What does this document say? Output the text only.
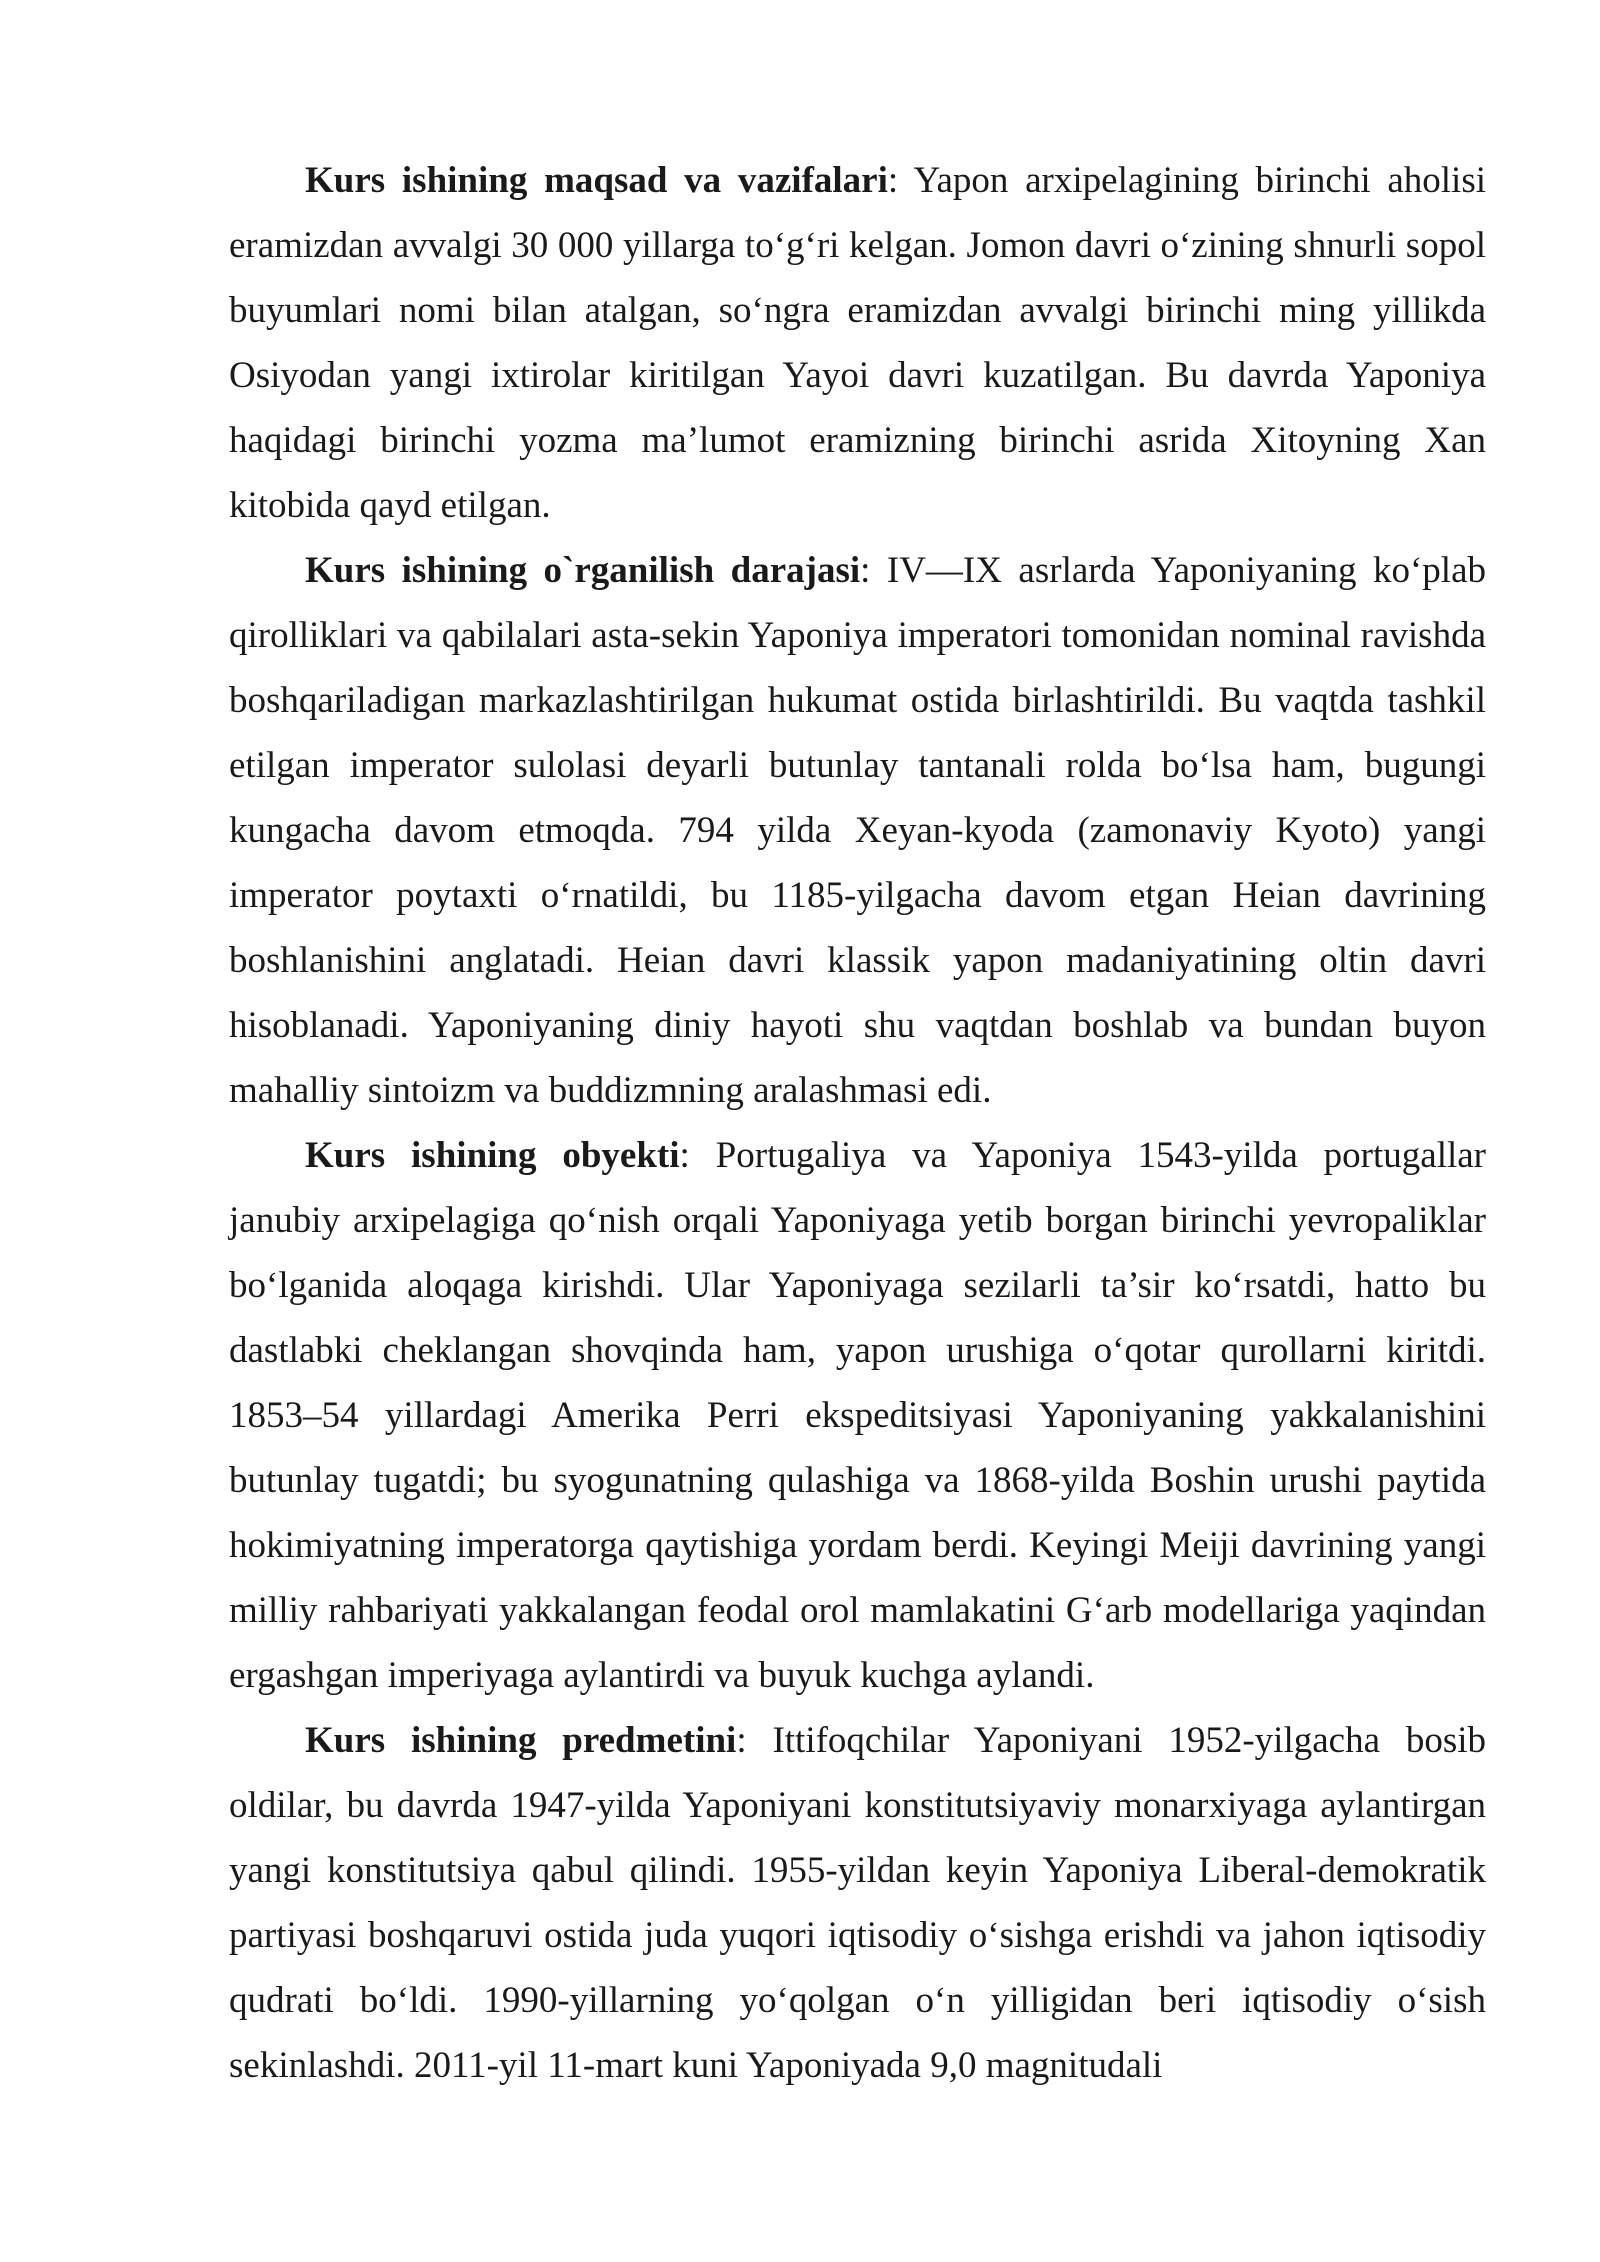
Kurs ishining maqsad va vazifalari: Yapon arxipelagining birinchi aholisi eramizdan avvalgi 30 000 yillarga to‘g‘ri kelgan. Jomon davri o‘zining shnurli sopol buyumlari nomi bilan atalgan, so‘ngra eramizdan avvalgi birinchi ming yillikda Osiyodan yangi ixtirolar kiritilgan Yayoi davri kuzatilgan. Bu davrda Yaponiya haqidagi birinchi yozma ma’lumot eramizning birinchi asrida Xitoyning Xan kitobida qayd etilgan.

Kurs ishining o`rganilish darajasi: IV—IX asrlarda Yaponiyaning ko‘plab qirolliklari va qabilalari asta-sekin Yaponiya imperatori tomonidan nominal ravishda boshqariladigan markazlashtirilgan hukumat ostida birlashtirildi. Bu vaqtda tashkil etilgan imperator sulolasi deyarli butunlay tantanali rolda bo‘lsa ham, bugungi kungacha davom etmoqda. 794 yilda Xeyan-kyoda (zamonaviy Kyoto) yangi imperator poytaxti o‘rnatildi, bu 1185-yilgacha davom etgan Heian davrining boshlanishini anglatadi. Heian davri klassik yapon madaniyatining oltin davri hisoblanadi. Yaponiyaning diniy hayoti shu vaqtdan boshlab va bundan buyon mahalliy sintoizm va buddizmning aralashmasi edi.

Kurs ishining obyekti: Portugaliya va Yaponiya 1543-yilda portugallar janubiy arxipelagiga qo‘nish orqali Yaponiyaga yetib borgan birinchi yevropaliklar bo‘lganida aloqaga kirishdi. Ular Yaponiyaga sezilarli ta’sir ko‘rsatdi, hatto bu dastlabki cheklangan shovqinda ham, yapon urushiga o‘qotar qurollarni kiritdi. 1853–54 yillardagi Amerika Perri ekspeditsiyasi Yaponiyaning yakkalanishini butunlay tugatdi; bu syogunatning qulashiga va 1868-yilda Boshin urushi paytida hokimiyatning imperatorga qaytishiga yordam berdi. Keyingi Meiji davrining yangi milliy rahbariyati yakkalangan feodal orol mamlakatini G‘arb modellariga yaqindan ergashgan imperiyaga aylantirdi va buyuk kuchga aylandi.

Kurs ishining predmetini: Ittifoqchilar Yaponiyani 1952-yilgacha bosib oldilar, bu davrda 1947-yilda Yaponiyani konstitutsiyaviy monarxiyaga aylantirgan yangi konstitutsiya qabul qilindi. 1955-yildan keyin Yaponiya Liberal-demokratik partiyasi boshqaruvi ostida juda yuqori iqtisodiy o‘sishga erishdi va jahon iqtisodiy qudrati bo‘ldi. 1990-yillarning yo‘qolgan o‘n yilligidan beri iqtisodiy o‘sish sekinlashdi. 2011-yil 11-mart kuni Yaponiyada 9,0 magnitudali
